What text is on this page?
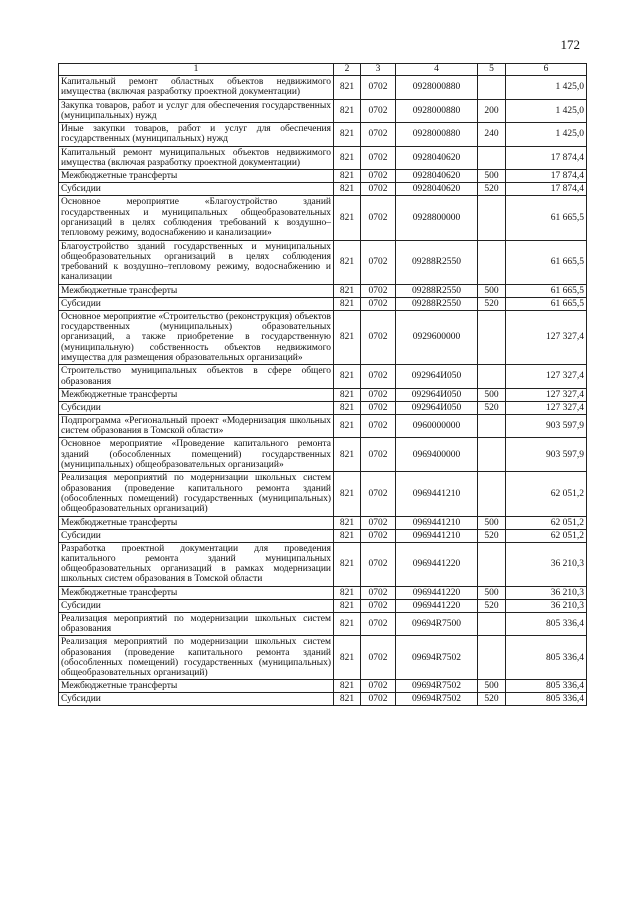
172
1	2	3	4	5	6
Капитальный ремонт областных объектов недвижимого имущества (включая разработку проектной документации)	821	0702	0928000880		1 425,0
Закупка товаров, работ и услуг для обеспечения государственных (муниципальных) нужд	821	0702	0928000880	200	1 425,0
Иные закупки товаров, работ и услуг для обеспечения государственных (муниципальных) нужд	821	0702	0928000880	240	1 425,0
Капитальный ремонт муниципальных объектов недвижимого имущества (включая разработку проектной документации)	821	0702	0928040620		17 874,4
Межбюджетные трансферты	821	0702	0928040620	500	17 874,4
Субсидии	821	0702	0928040620	520	17 874,4
Основное мероприятие «Благоустройство зданий государственных и муниципальных общеобразовательных организаций в целях соблюдения требований к воздушно–тепловому режиму, водоснабжению и канализации»	821	0702	0928800000		61 665,5
Благоустройство зданий государственных и муниципальных общеобразовательных организаций в целях соблюдения требований к воздушно–тепловому режиму, водоснабжению и канализации	821	0702	09288R2550		61 665,5
Межбюджетные трансферты	821	0702	09288R2550	500	61 665,5
Субсидии	821	0702	09288R2550	520	61 665,5
Основное мероприятие «Строительство (реконструкция) объектов государственных (муниципальных) образовательных организаций, а также приобретение в государственную (муниципальную) собственность объектов недвижимого имущества для размещения образовательных организаций»	821	0702	0929600000		127 327,4
Строительство муниципальных объектов в сфере общего образования	821	0702	092964И050		127 327,4
Межбюджетные трансферты	821	0702	092964И050	500	127 327,4
Субсидии	821	0702	092964И050	520	127 327,4
Подпрограмма «Региональный проект «Модернизация школьных систем образования в Томской области»	821	0702	0960000000		903 597,9
Основное мероприятие «Проведение капитального ремонта зданий (обособленных помещений) государственных (муниципальных) общеобразовательных организаций»	821	0702	0969400000		903 597,9
Реализация мероприятий по модернизации школьных систем образования (проведение капитального ремонта зданий (обособленных помещений) государственных (муниципальных) общеобразовательных организаций)	821	0702	0969441210		62 051,2
Межбюджетные трансферты	821	0702	0969441210	500	62 051,2
Субсидии	821	0702	0969441210	520	62 051,2
Разработка проектной документации для проведения капитального ремонта зданий муниципальных общеобразовательных организаций в рамках модернизации школьных систем образования в Томской области	821	0702	0969441220		36 210,3
Межбюджетные трансферты	821	0702	0969441220	500	36 210,3
Субсидии	821	0702	0969441220	520	36 210,3
Реализация мероприятий по модернизации школьных систем образования	821	0702	09694R7500		805 336,4
Реализация мероприятий по модернизации школьных систем образования (проведение капитального ремонта зданий (обособленных помещений) государственных (муниципальных) общеобразовательных организаций)	821	0702	09694R7502		805 336,4
Межбюджетные трансферты	821	0702	09694R7502	500	805 336,4
Субсидии	821	0702	09694R7502	520	805 336,4
